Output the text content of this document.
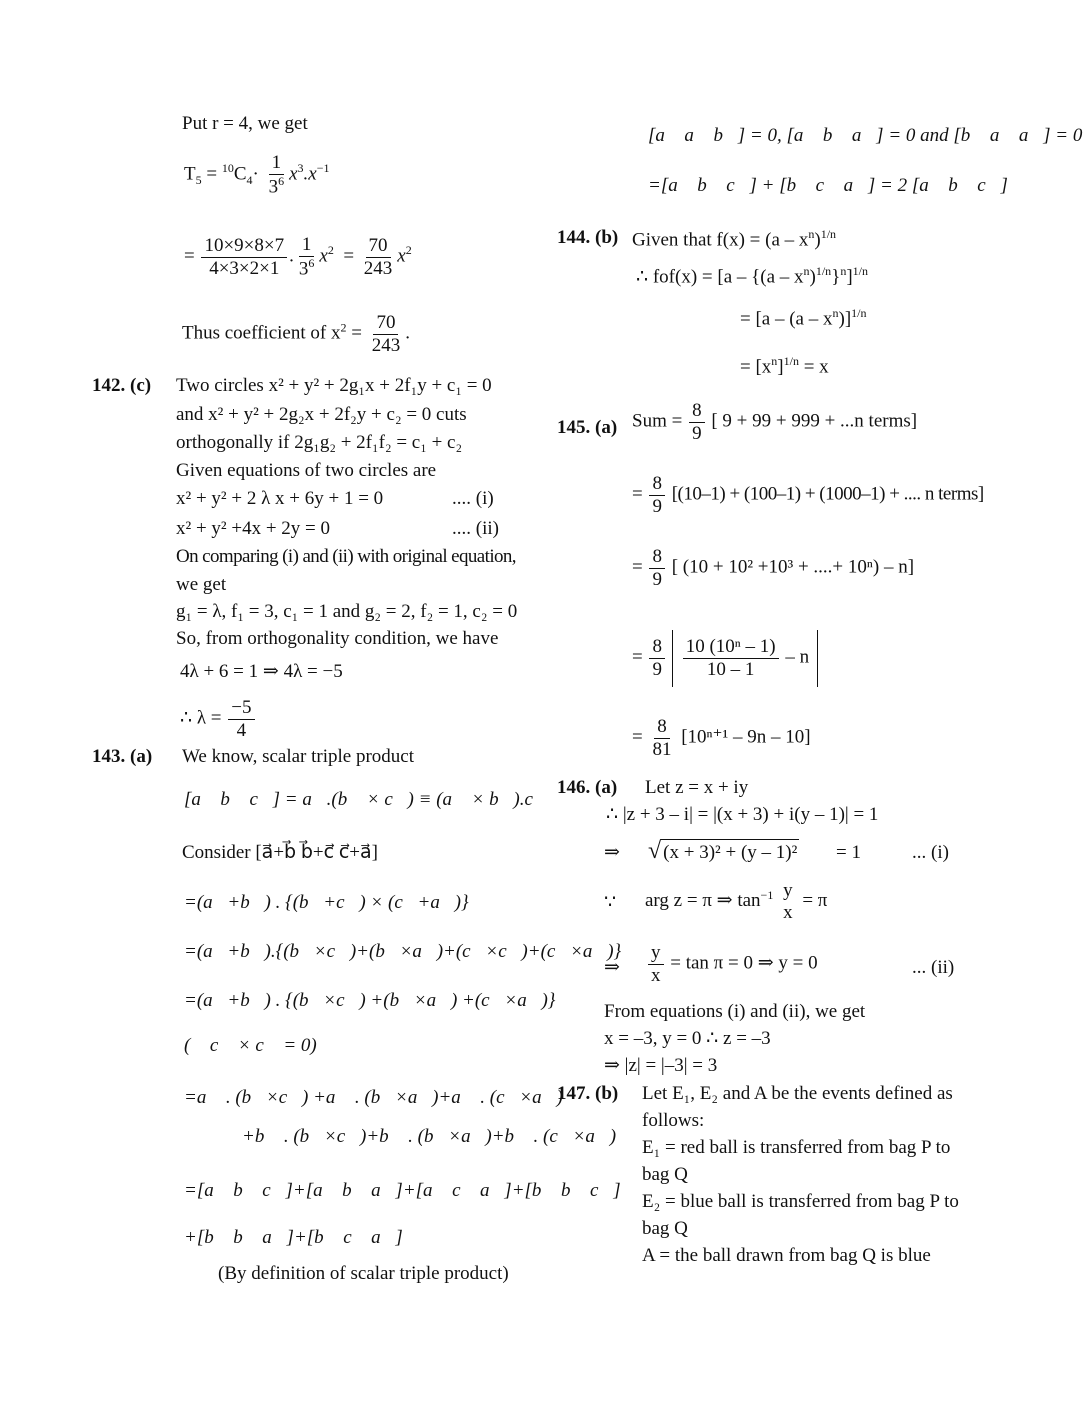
Put r = 4, we get
$T_5 = ^{10}C_4\cdot \frac{1}{3^6} x^3.x^{-1}$
= $\frac{10\times 9\times 8\times 7}{4\times 3\times 2\times 1}$ . $\frac{1}{3^6} x^2 = \frac{70}{243} x^2$
Thus coefficient of $x^2 = \frac{70}{243}$ .
142. (c) Two circles x² + y² + 2g₁x + 2f₁y + c₁ = 0
and x² + y² + 2g₂x + 2f₂y + c₂ = 0 cuts
orthogonally if 2g₁g₂ + 2f₁f₂ = c₁ + c₂
Given equations of two circles are
x² + y² + 2 λ x + 6y + 1 = 0	.... (i)
x² + y² +4x + 2y = 0	.... (ii)
On comparing (i) and (ii) with original equation,
we get
g₁ = λ, f₁ = 3, c₁ = 1 and g₂ = 2, f₂ = 1, c₂ = 0
So, from orthogonality condition, we have
4λ + 6 = 1 ⇒ 4λ = −5
∴ $\lambda = \frac{-5}{4}$
143. (a) We know, scalar triple product
[a⃗ b⃗ c⃗] = a⃗.(b⃗ × c⃗) ≡ (a⃗ × b⃗).c⃗
Consider [a⃗+b⃗ b⃗+c⃗ c⃗+a⃗]
=(a⃗+b⃗) . {(b⃗+c⃗) × (c⃗+a⃗)}
=(a⃗+b⃗).{(b⃗×c⃗)+(b⃗×a⃗)+(c⃗×c⃗)+(c⃗×a⃗)}
=(a⃗+b⃗) . {(b⃗×c⃗) +(b⃗×a⃗) +(c⃗×a⃗)}
(∵ c⃗ × c⃗ = 0)
=a⃗ . (b⃗×c⃗) +a⃗ . (b⃗×a⃗)+a⃗ . (c⃗×a⃗)
+b⃗ . (b⃗×c⃗)+b⃗ . (b⃗×a⃗)+b⃗ . (c⃗×a⃗)
=[a⃗ b⃗ c⃗]+[a⃗ b⃗ a⃗]+[a⃗ c⃗ a⃗]+[b⃗ b⃗ c⃗]
+[b⃗ b⃗ a⃗]+[b⃗ c⃗ a⃗]
(By definition of scalar triple product)
[a⃗ a⃗ b⃗] = 0, [a⃗ b⃗ a⃗] = 0 and [b⃗ a⃗ a⃗] = 0
=[a⃗ b⃗ c⃗] + [b⃗ c⃗ a⃗] = 2 [a⃗ b⃗ c⃗]
144. (b) Given that $f(x) = (a - x^n)^{1/n}$
∴ $fof(x) = [a - \{(a - x^n)^{1/n}\}^n]^{1/n}$
= $[a - (a - x^n)]^{1/n}$
= $[x^n]^{1/n} = x$
145. (a) Sum = $\frac{8}{9}$ [ 9 + 99 + 999 + ...n terms]
= $\frac{8}{9} [(10-1) + (100-1) + (1000-1)$ + .... n terms]
= $\frac{8}{9}$ [ (10 + 10² +10³ + ....+ 10ⁿ) – n]
= $\frac{8}{9}$
$\frac{\text{10 (10ⁿ – 1)}}{10 - 1}$ – n
= $\frac{8}{81} [10^{n+1} - 9n - 10]$
146. (a) Let z = x + iy
∴ |z + 3 – i| = |(x + 3) + i(y – 1)| = 1
⇒ √ (x + 3)² + (y – 1)² = 1	... (i)
∵ arg z = π ⇒ $\tan^{-1} y$
x
= π
⇒ $\frac{y}{x} = \tan \pi = 0$ ⇒ y = 0	... (ii)
From equations (i) and (ii), we get
x = –3, y = 0 ∴ z = –3
⇒ |z| = |–3| = 3
147. (b) Let E₁, E₂ and A be the events defined as
follows:
E₁ = red ball is transferred from bag P to
bag Q
E₂ = blue ball is transferred from bag P to
bag Q
A = the ball drawn from bag Q is blue
